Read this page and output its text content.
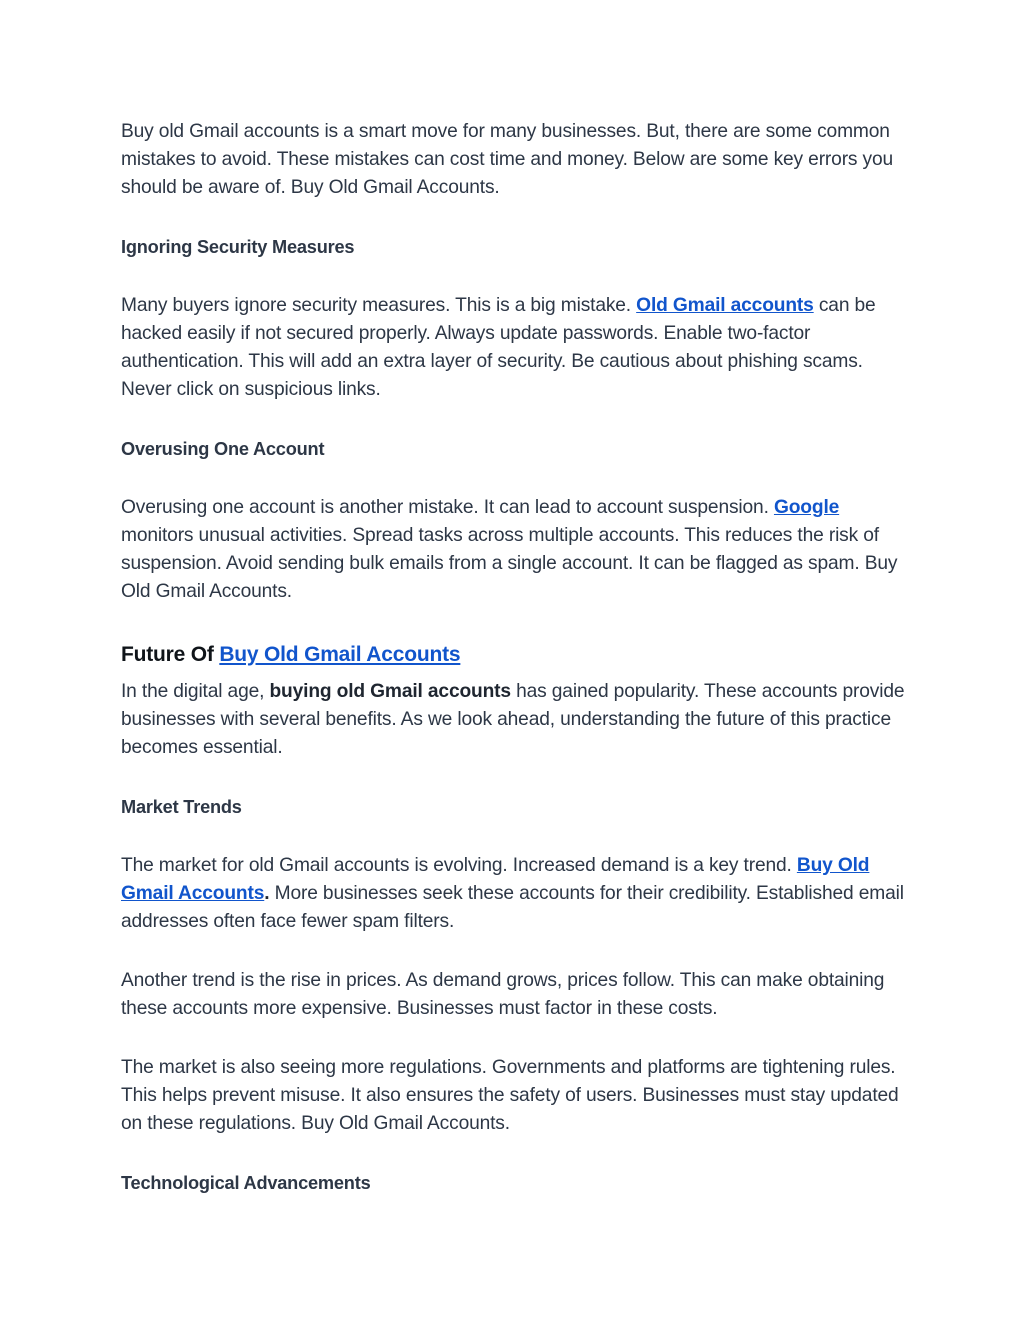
Buy old Gmail accounts is a smart move for many businesses. But, there are some common mistakes to avoid. These mistakes can cost time and money. Below are some key errors you should be aware of. Buy Old Gmail Accounts.

Ignoring Security Measures

Many buyers ignore security measures. This is a big mistake. Old Gmail accounts can be hacked easily if not secured properly. Always update passwords. Enable two-factor authentication. This will add an extra layer of security. Be cautious about phishing scams. Never click on suspicious links.

Overusing One Account

Overusing one account is another mistake. It can lead to account suspension. Google monitors unusual activities. Spread tasks across multiple accounts. This reduces the risk of suspension. Avoid sending bulk emails from a single account. It can be flagged as spam. Buy Old Gmail Accounts.

Future Of Buy Old Gmail Accounts

In the digital age, buying old Gmail accounts has gained popularity. These accounts provide businesses with several benefits. As we look ahead, understanding the future of this practice becomes essential.

Market Trends

The market for old Gmail accounts is evolving. Increased demand is a key trend. Buy Old Gmail Accounts. More businesses seek these accounts for their credibility. Established email addresses often face fewer spam filters.

Another trend is the rise in prices. As demand grows, prices follow. This can make obtaining these accounts more expensive. Businesses must factor in these costs.

The market is also seeing more regulations. Governments and platforms are tightening rules. This helps prevent misuse. It also ensures the safety of users. Businesses must stay updated on these regulations. Buy Old Gmail Accounts.

Technological Advancements
